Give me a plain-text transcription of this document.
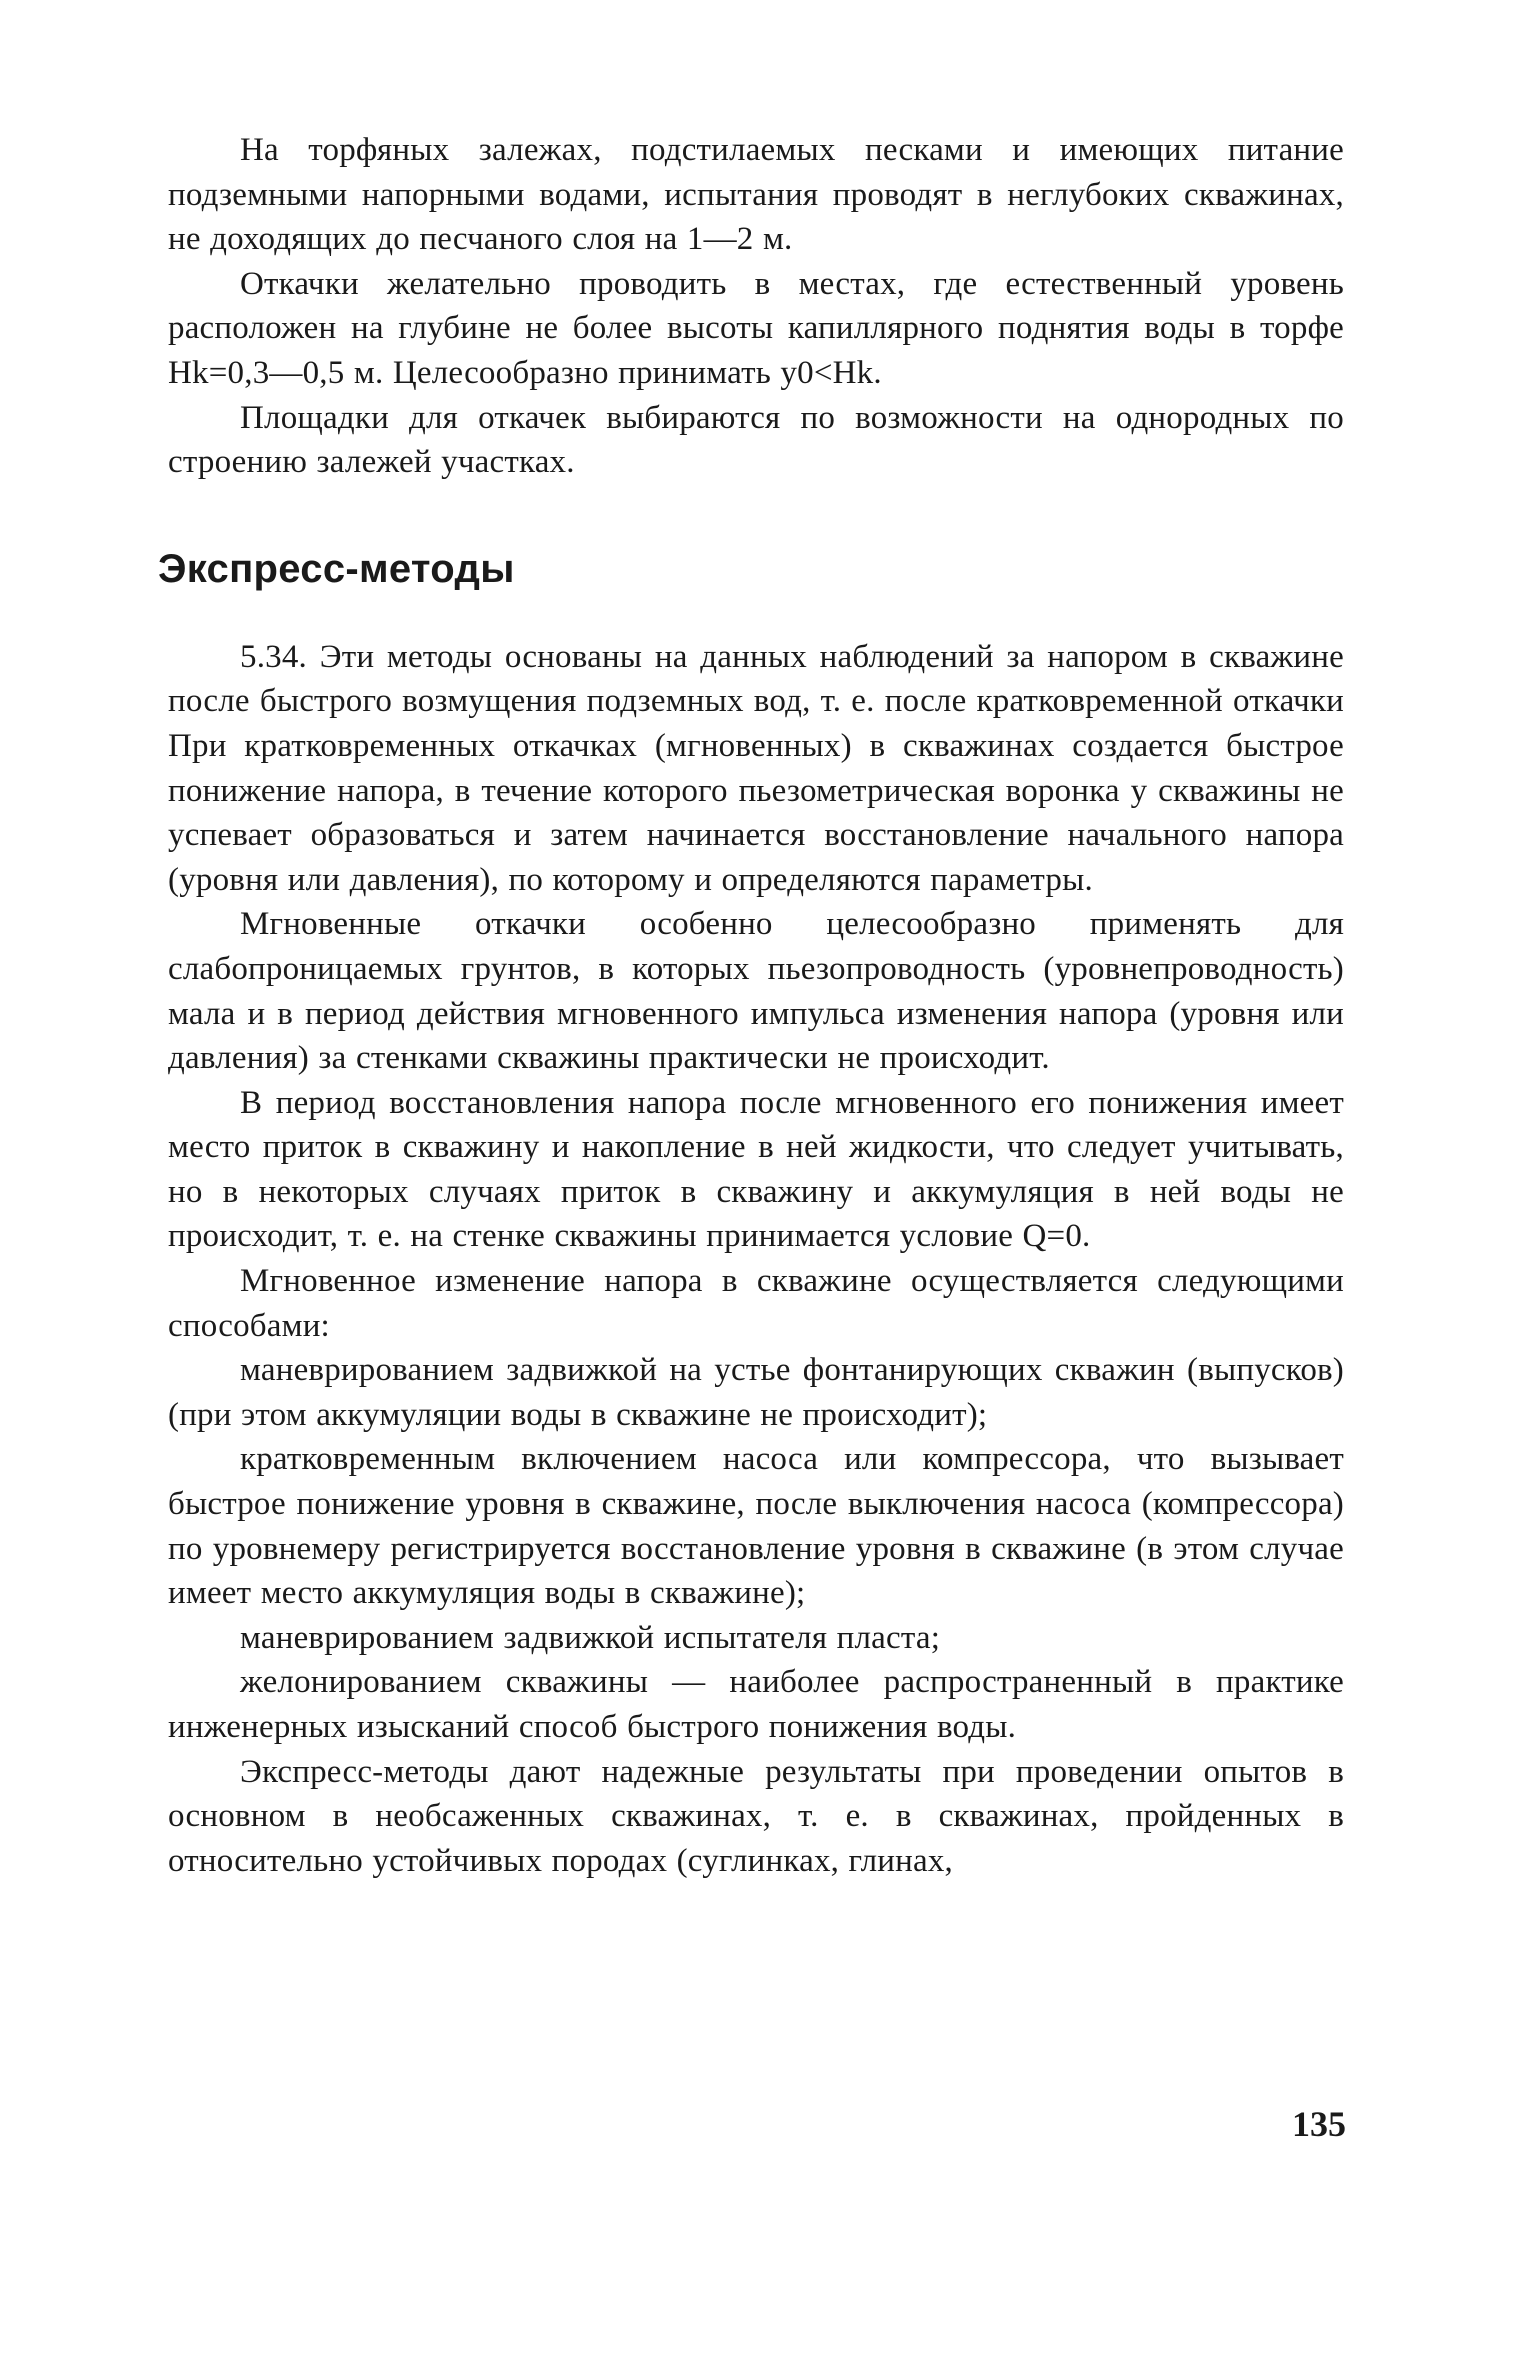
На торфяных залежах, подстилаемых песками и имеющих питание подземными напорными водами, испытания проводят в неглубоких скважинах, не доходящих до песчаного слоя на 1—2 м.

Откачки желательно проводить в местах, где естественный уровень расположен на глубине не более высоты капиллярного поднятия воды в торфе Hk=0,3—0,5 м. Целесообразно принимать y0<Hk.

Площадки для откачек выбираются по возможности на однородных по строению залежей участках.

Экспресс-методы

5.34. Эти методы основаны на данных наблюдений за напором в скважине после быстрого возмущения подземных вод, т. е. после кратковременной откачки При кратковременных откачках (мгновенных) в скважинах создается быстрое понижение напора, в течение которого пьезометрическая воронка у скважины не успевает образоваться и затем начинается восстановление начального напора (уровня или давления), по которому и определяются параметры.

Мгновенные откачки особенно целесообразно применять для слабопроницаемых грунтов, в которых пьезопроводность (уровнепроводность) мала и в период действия мгновенного импульса изменения напора (уровня или давления) за стенками скважины практически не происходит.

В период восстановления напора после мгновенного его понижения имеет место приток в скважину и накопление в ней жидкости, что следует учитывать, но в некоторых случаях приток в скважину и аккумуляция в ней воды не происходит, т. е. на стенке скважины принимается условие Q=0.

Мгновенное изменение напора в скважине осуществляется следующими способами:

маневрированием задвижкой на устье фонтанирующих скважин (выпусков) (при этом аккумуляции воды в скважине не происходит);

кратковременным включением насоса или компрессора, что вызывает быстрое понижение уровня в скважине, после выключения насоса (компрессора) по уровнемеру регистрируется восстановление уровня в скважине (в этом случае имеет место аккумуляция воды в скважине);

маневрированием задвижкой испытателя пласта;

желонированием скважины — наиболее распространенный в практике инженерных изысканий способ быстрого понижения воды.

Экспресс-методы дают надежные результаты при проведении опытов в основном в необсаженных скважинах, т. е. в скважинах, пройденных в относительно устойчивых породах (суглинках, глинах,

135
